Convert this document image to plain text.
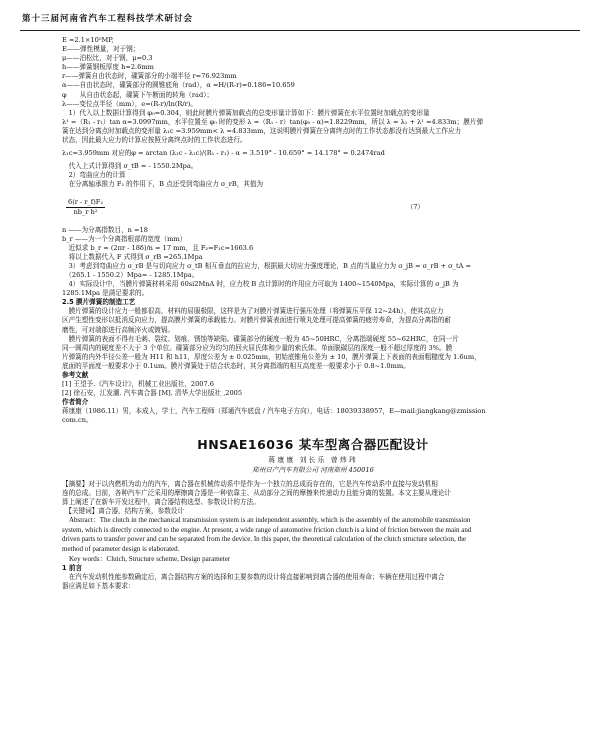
第十三届河南省汽车工程科技学术研讨会
E =2.1×10⁵MP,
E——弹性模量，对于钢；
μ——泊松比，对于钢，μ=0.3
h——弹簧钢板厚度 h=2.6mm
r——弹簧自由状态时，碟簧部分的小端半径 r=76.923mm
α——自由状态时，碟簧部分的圆锥底角（rad），α =H/(R-r)=0.186=10.659
φ　　从自由状态起，碟簧下午断面的转角（rad）；
λ——变位点半径（mm），e=(R-r)/ln(R/r)。
　1）代入以上数据计算得到 φ₀=0.304，则此时膜片弹簧加载点的总变形量计算如下：膜片弹簧在水平位置时加载点的变形量
λ¹ =（R₁ - r₁）tan α=3.0997mm，水平位置至 φ₀ 时的变形 λ =（R₁ - r）tan(φ₀ - α)=1.8229mm，所以 λ = λ₁ + λ¹ =4.833m；膜片弹
簧在达到分离点时加载点的变形量 λ₁c =3.959mm< λ =4.833mm，这说明膜片弹簧在分离终点时的工作状态都没有达到最大工作应力
状态，因此最大应力的计算应按照分离终点时的工作状态进行。
λ₁c=3.959mm 对应的φ = arctan (λ₁c - λ₁c)/(R₁ - r₁) - α = 3.519° - 10.659° = 14.178° = 0.2474rad
　代入上式计算得到 σ_tB = - 1550.2Mpa。
　2）弯曲应力的计算
　在分离轴承推力 F₂ 的作用下，B 点还受到弯曲应力 σ_rB，其值为
$\frac{\text{6(r - r\_f)F₂}}{\text{nb\_r h²}}$	（7）
n ——为分离指数目，n =18
b_r ——为一个分离指根部的宽度（mm）
　近似求 b_r = (2πr - 18δ)/n = 17 mm，且 F₂=F₁c=1663.6
　将以上数据代入 F 式得到 σ_rB =265.1Mpa
　3）考虑到弯曲应力 σ_rB 是与切向应力 σ_tB 相互垂直的拉应力，根据最大切应力强度理论，B 点的当量应力为 σ_jB = σ_rB + σ_tA =
　（265.1 - 1550.2）Mpa= - 1285.1Mpa。
　4）实际设计中，当膜片弹簧材料采用 60si2MnA 时，应力校 B 点计算时的许用应力可取为 1400~1540Mpa，实际计算的 σ_jB 为
1285.1Mpa 是满足要求的。
2.5 膜片弹簧的制造工艺
　膜片弹簧的设计应力一般都很高，材料的屈服极限，这样是为了对膜片弹簧进行强压处理（将弹簧压平保 12~24h），使其高应力
区产生塑性变形以抵消反向应力，提高膜片弹簧的承载能力。对膜片弹簧表面进行喷丸处理可提高弹簧的疲劳寿命，为提高分离指的耐
磨性，可对端部进行高频淬火或镀镉。
　膜片弹簧的表面不得有毛刺、裂纹、划痕、锈蚀等缺陷。碟簧部分的硬度一般为 45~50HRC，分离指端硬度 55~62HRC，在同一片
同一圆周内的硬度差不大于 3 个单位。碟簧部分应为均匀的回火屈氏体和少量的索氏体。单面脱碳层的深度一般不超过厚度的 3%。膜
片弹簧的内外半径公差一般为 H11 和 h11，厚度公差为 ± 0.025mm，初始底锥角公差为 ± 10，膜片弹簧上下表面的表面粗糙度为 1.6um，
底面的平面度一般要求小于 0.1um。膜片弹簧处于结合状态时，其分离指端的相互高度差一般要求小于 0.8~1.0mm。
参考文献
[1] 王望予.《汽车设计》，机械工业出版社，2007.6
[2] 徐石安，江发潮. 汽车离合器 [M]. 清华大学出版社 ,2005
作者简介
蒋康康（1986.11）男，本成人，学士，汽车工程师（郑通汽车底盘 / 汽车电子方向），电话：18039338957，E—mail:jiangkang@zmission
com.cn。
HNSAE16036 某车型离合器匹配设计
蒋康康 刘长乐 曾炜玮
郑州日产汽车有限公司 河南郑州 450016
【摘要】对于以内燃机为动力的汽车，离合器在机械传动系中是作为一个独立的总成而存在的，它是汽车传动系中直接与发动机相
连的总成。目前，各种汽车广泛采用的摩擦离合器是一种依靠主、从动部分之间的摩擦来传递动力且能分离的装置。本文主要从理论计
算上阐述了在新车开发过程中，离合器结构选型、参数设计的方法。
　【关键词】离合器，结构方案，参数设计
　Abstract：The clutch in the mechanical transmission system is an independent assembly, which is the assembly of the automobile transmission
system, which is directly connected to the engine. At present, a wide range of automotive friction clutch is a kind of friction between the main and
driven parts to transfer power and can be separated from the device. In this paper, the theoretical calculation of the clutch structure selection, the
method of parameter design is elaborated.
　Key words：Clutch, Structure scheme, Design parameter
1 前言
　在汽车发动机性能参数确定后，离合器结构方案的选择和主要参数的设计将直接影响到离合器的使用寿命；车辆在使用过程中离合
器应满足如下基本要求：
